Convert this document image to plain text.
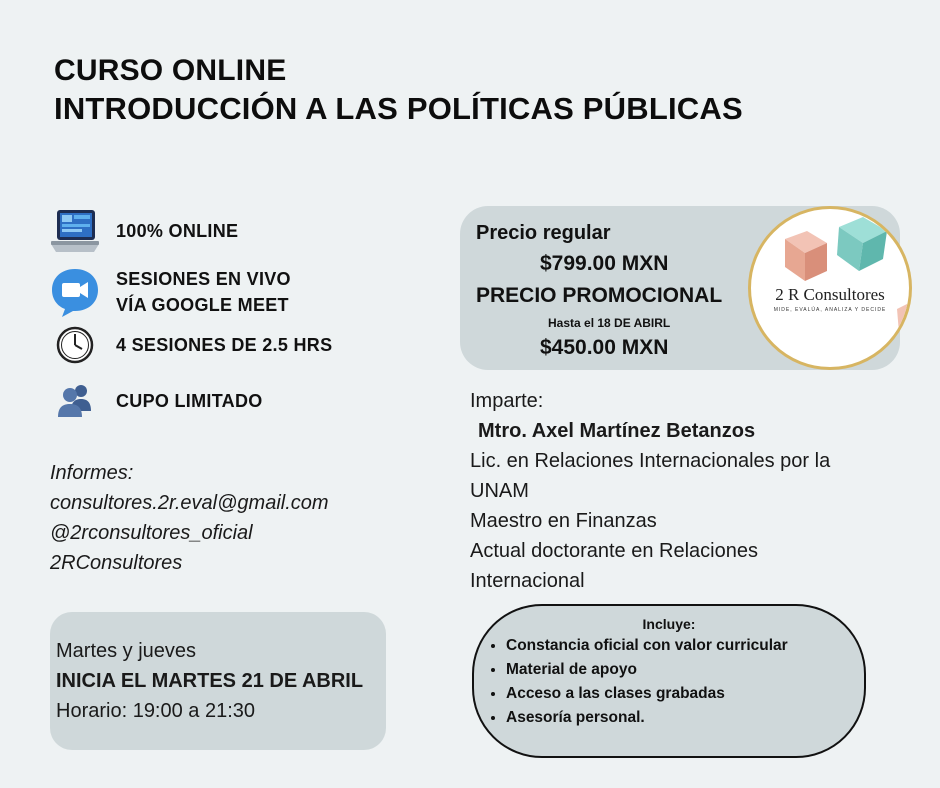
CURSO ONLINE
INTRODUCCIÓN A LAS POLÍTICAS PÚBLICAS
100% ONLINE
SESIONES EN VIVO
VÍA GOOGLE MEET
4 SESIONES DE 2.5 HRS
CUPO LIMITADO
Informes:
consultores.2r.eval@gmail.com
@2rconsultores_oficial
2RConsultores
Martes y jueves
INICIA EL MARTES 21 DE ABRIL
Horario: 19:00 a 21:30
Precio regular
$799.00 MXN
PRECIO PROMOCIONAL
Hasta el 18 DE ABIRL
$450.00 MXN
2 R Consultores
MIDE, EVALÚA, ANALIZA Y DECIDE
Imparte:
Mtro. Axel Martínez Betanzos
Lic. en Relaciones Internacionales por la
UNAM
Maestro en Finanzas
Actual doctorante en Relaciones
Internacional
Incluye:
• Constancia oficial con valor curricular
• Material de apoyo
• Acceso a las clases grabadas
• Asesoría personal.
